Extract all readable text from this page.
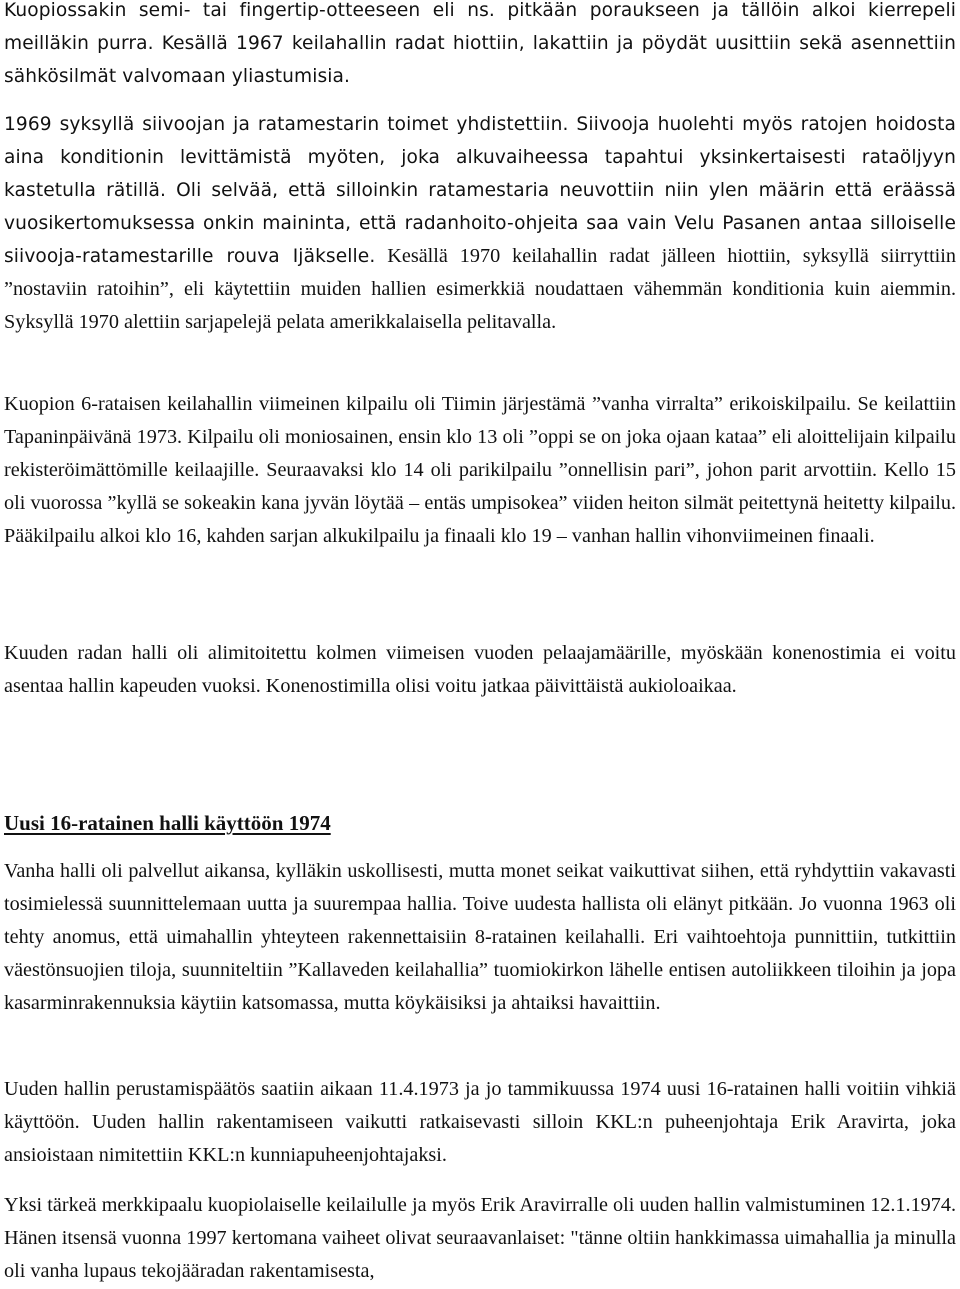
Kuopiossakin semi- tai fingertip-otteeseen eli ns. pitkään poraukseen ja tällöin alkoi kierrepeli meilläkin purra. Kesällä 1967 keilahallin radat hiottiin, lakattiin ja pöydät uusittiin sekä asennettiin sähkösilmät valvomaan yliastumisia.

1969 syksyllä siivoojan ja ratamestarin toimet yhdistettiin. Siivooja huolehti myös ratojen hoidosta aina konditionin levittämistä myöten, joka alkuvaiheessa tapahtui yksinkertaisesti rataöljyyn kastetulla rätillä. Oli selvää, että silloinkin ratamestaria neuvottiin niin ylen määrin että eräässä vuosikertomuksessa onkin maininta, että radanhoito-ohjeita saa vain Velu Pasanen antaa silloiselle siivooja-ratamestarille rouva Ijäkselle. Kesällä 1970 keilahallin radat jälleen hiottiin, syksyllä siirryttiin ”nostaviin ratoihin”, eli käytettiin muiden hallien esimerkkiä noudattaen vähemmän konditionia kuin aiemmin. Syksyllä 1970 alettiin sarjapelejä pelata amerikkalaisella pelitavalla.

Kuopion 6-rataisen keilahallin viimeinen kilpailu oli Tiimin järjestämä ”vanha virralta” erikoiskilpailu. Se keilattiin Tapaninpäivänä 1973. Kilpailu oli moniosainen, ensin klo 13 oli ”oppi se on joka ojaan kataa” eli aloittelijain kilpailu rekisteröimättömille keilaajille. Seuraavaksi klo 14 oli parikilpailu ”onnellisin pari”, johon parit arvottiin. Kello 15 oli vuorossa ”kyllä se sokeakin kana jyvän löytää – entäs umpisokea” viiden heiton silmät peitettynä heitetty kilpailu. Pääkilpailu alkoi klo 16, kahden sarjan alkukilpailu ja finaali klo 19 – vanhan hallin vihonviimeinen finaali.

Kuuden radan halli oli alimitoitettu kolmen viimeisen vuoden pelaajamäärille, myöskään konenostimia ei voitu asentaa hallin kapeuden vuoksi. Konenostimilla olisi voitu jatkaa päivittäistä aukioloaikaa.

Uusi 16-ratainen halli käyttöön 1974

Vanha halli oli palvellut aikansa, kylläkin uskollisesti, mutta monet seikat vaikuttivat siihen, että ryhdyttiin vakavasti tosimielessä suunnittelemaan uutta ja suurempaa hallia. Toive uudesta hallista oli elänyt pitkään. Jo vuonna 1963 oli tehty anomus, että uimahallin yhteyteen rakennettaisiin 8-ratainen keilahalli. Eri vaihtoehtoja punnittiin, tutkittiin väestönsuojien tiloja, suunniteltiin ”Kallaveden keilahallia” tuomiokirkon lähelle entisen autoliikkeen tiloihin ja jopa kasarminrakennuksia käytiin katsomassa, mutta köykäisiksi ja ahtaiksi havaittiin.

Uuden hallin perustamispäätös saatiin aikaan 11.4.1973 ja jo tammikuussa 1974 uusi 16-ratainen halli voitiin vihkiä käyttöön. Uuden hallin rakentamiseen vaikutti ratkaisevasti silloin KKL:n puheenjohtaja Erik Aravirta, joka ansioistaan nimitettiin KKL:n kunniapuheenjohtajaksi.

Yksi tärkeä merkkipaalu kuopiolaiselle keilailulle ja myös Erik Aravirralle oli uuden hallin valmistuminen 12.1.1974. Hänen itsensä vuonna 1997 kertomana vaiheet olivat seuraavanlaiset: "tänne oltiin hankkimassa uimahallia ja minulla oli vanha lupaus tekojääradan rakentamisesta,
